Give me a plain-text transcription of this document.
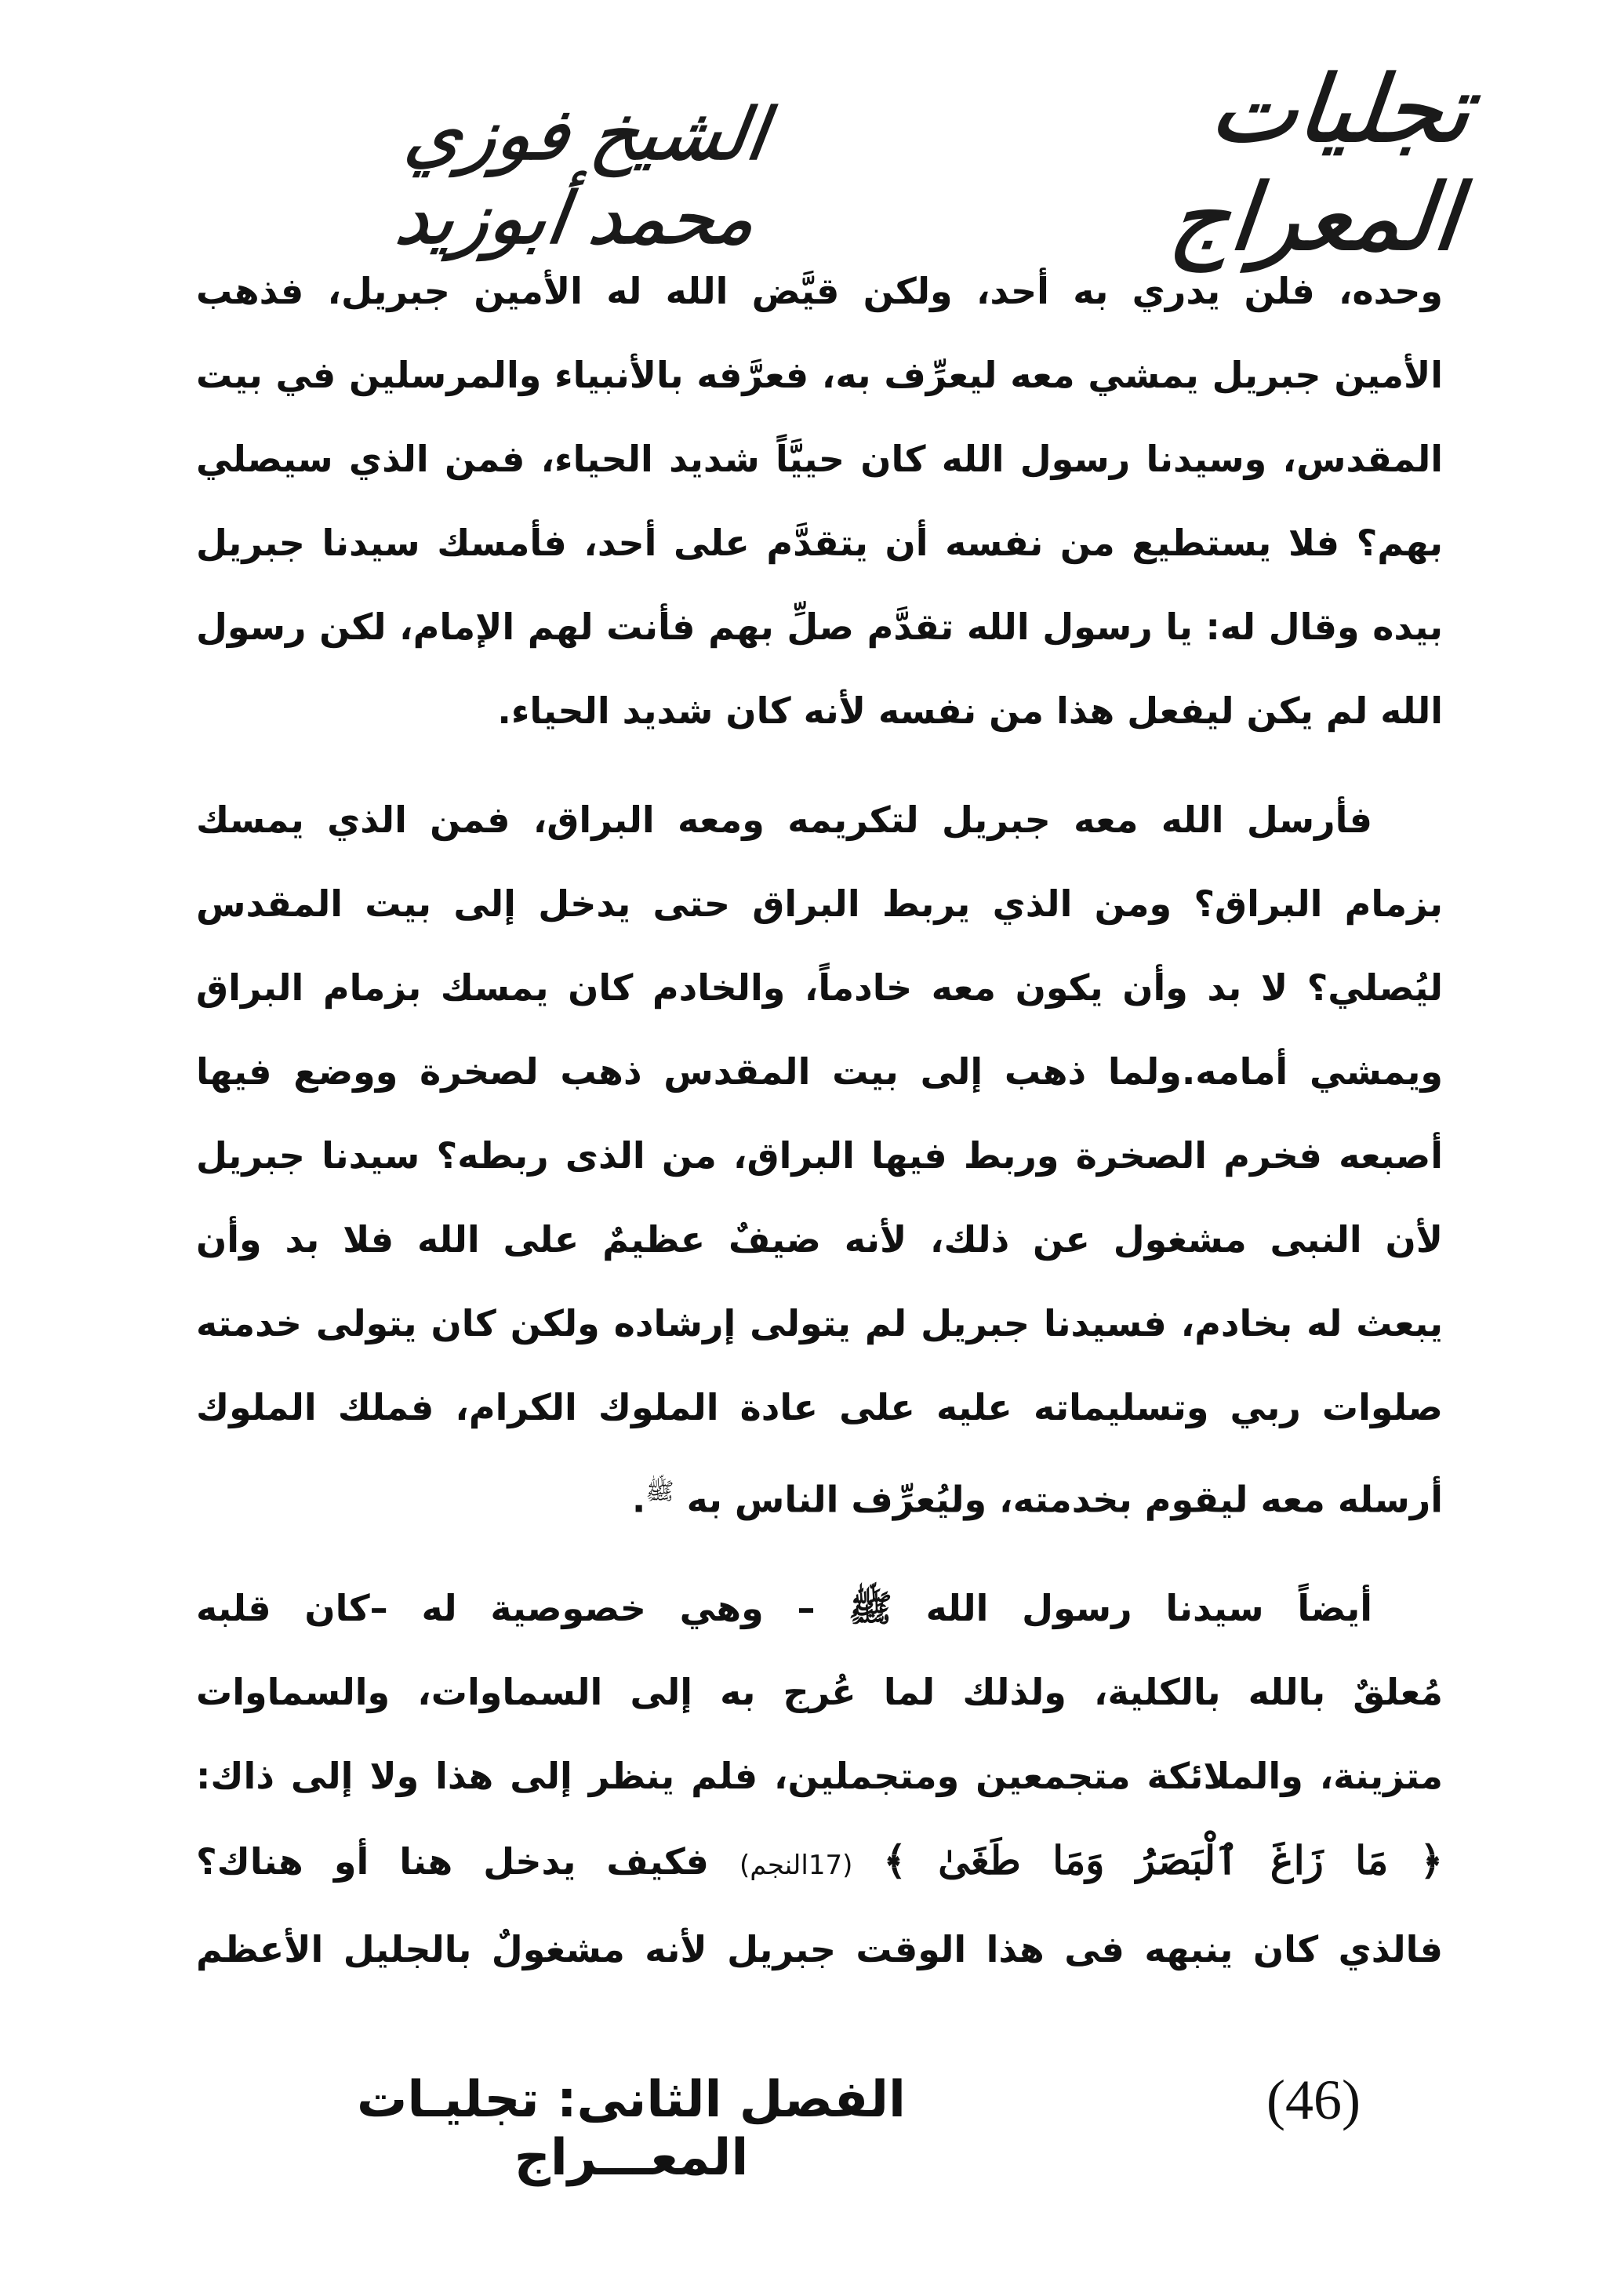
تجليات المعراج
الشيخ فوزي محمد أبوزيد

وحده، فلن يدري به أحد، ولكن قيَّض الله له الأمين جبريل، فذهب
الأمين جبريل يمشي معه ليعرِّف به، فعرَّفه بالأنبياء والمرسلين في بيت
المقدس، وسيدنا رسول الله كان حييَّاً شديد الحياء، فمن الذي سيصلي
بهم؟ فلا يستطيع من نفسه أن يتقدَّم على أحد، فأمسك سيدنا جبريل
بيده وقال له: يا رسول الله تقدَّم صلِّ بهم فأنت لهم الإمام، لكن رسول
الله لم يكن ليفعل هذا من نفسه لأنه كان شديد الحياء.

فأرسل الله معه جبريل لتكريمه ومعه البراق، فمن الذي يمسك
بزمام البراق؟ ومن الذي يربط البراق حتى يدخل إلى بيت المقدس
ليُصلي؟ لا بد وأن يكون معه خادماً، والخادم كان يمسك بزمام البراق
ويمشي أمامه.ولما ذهب إلى بيت المقدس ذهب لصخرة ووضع فيها
أصبعه فخرم الصخرة وربط فيها البراق، من الذى ربطه؟ سيدنا جبريل
لأن النبى مشغول عن ذلك، لأنه ضيفٌ عظيمٌ على الله فلا بد وأن
يبعث له بخادم، فسيدنا جبريل لم يتولى إرشاده ولكن كان يتولى خدمته
صلوات ربي وتسليماته عليه على عادة الملوك الكرام، فملك الملوك
أرسله معه ليقوم بخدمته، وليُعرِّف الناس به $^ﷺ$.

أيضاً سيدنا رسول الله ﷺ – وهي خصوصية له –كان قلبه
مُعلقٌ بالله بالكلية، ولذلك لما عُرج به إلى السماوات، والسماوات
متزينة، والملائكة متجمعين ومتجملين، فلم ينظر إلى هذا ولا إلى ذاك:
﴿ مَا زَاغَ ٱلْبَصَرُ وَمَا طَغَىٰ ﴾ (17النجم) فكيف يدخل هنا أو هناك؟
فالذي كان ينبهه فى هذا الوقت جبريل لأنه مشغولٌ بالجليل الأعظم

الفصل الثانى: تجليـات المعـــراج
(46)
